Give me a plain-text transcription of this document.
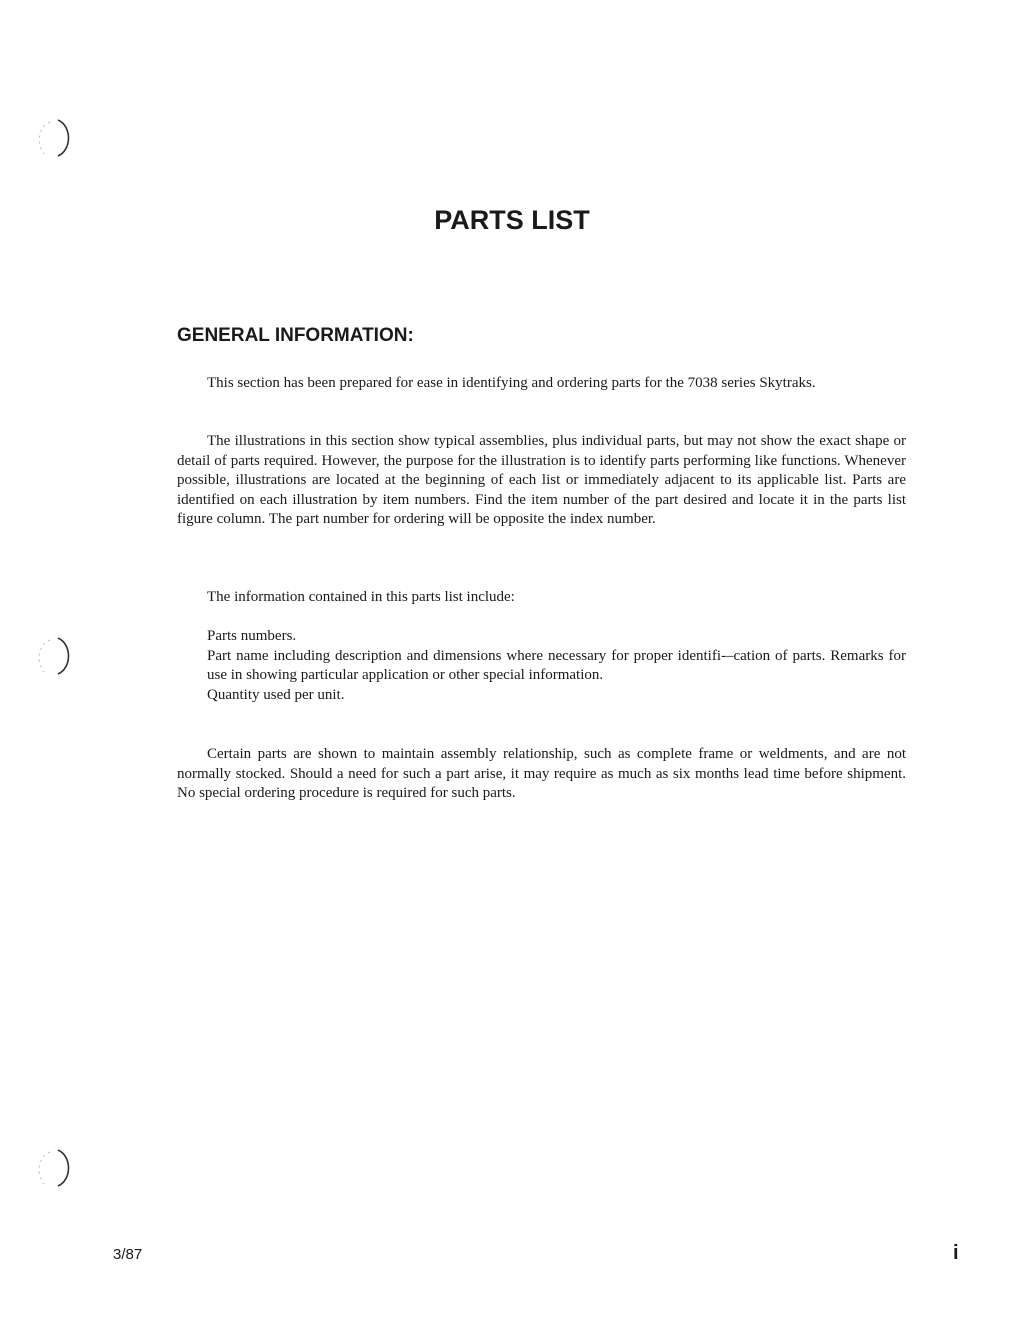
PARTS LIST
GENERAL INFORMATION:

This section has been prepared for ease in identifying and ordering parts for the 7038 series Skytraks.

The illustrations in this section show typical assemblies, plus individual parts, but may not show the exact shape or detail of parts required. However, the purpose for the illustration is to identify parts performing like functions. Whenever possible, illustrations are located at the beginning of each list or immediately adjacent to its applicable list. Parts are identified on each illustration by item numbers. Find the item number of the part desired and locate it in the parts list figure column. The part number for ordering will be opposite the index number.

The information contained in this parts list include:

Parts numbers.
Part name including description and dimensions where necessary for proper identifi‑–cation of parts. Remarks for use in showing particular application or other special information.
Quantity used per unit.

Certain parts are shown to maintain assembly relationship, such as complete frame or weldments, and are not normally stocked. Should a need for such a part arise, it may require as much as six months lead time before shipment. No special ordering procedure is required for such parts.

3/87	i
